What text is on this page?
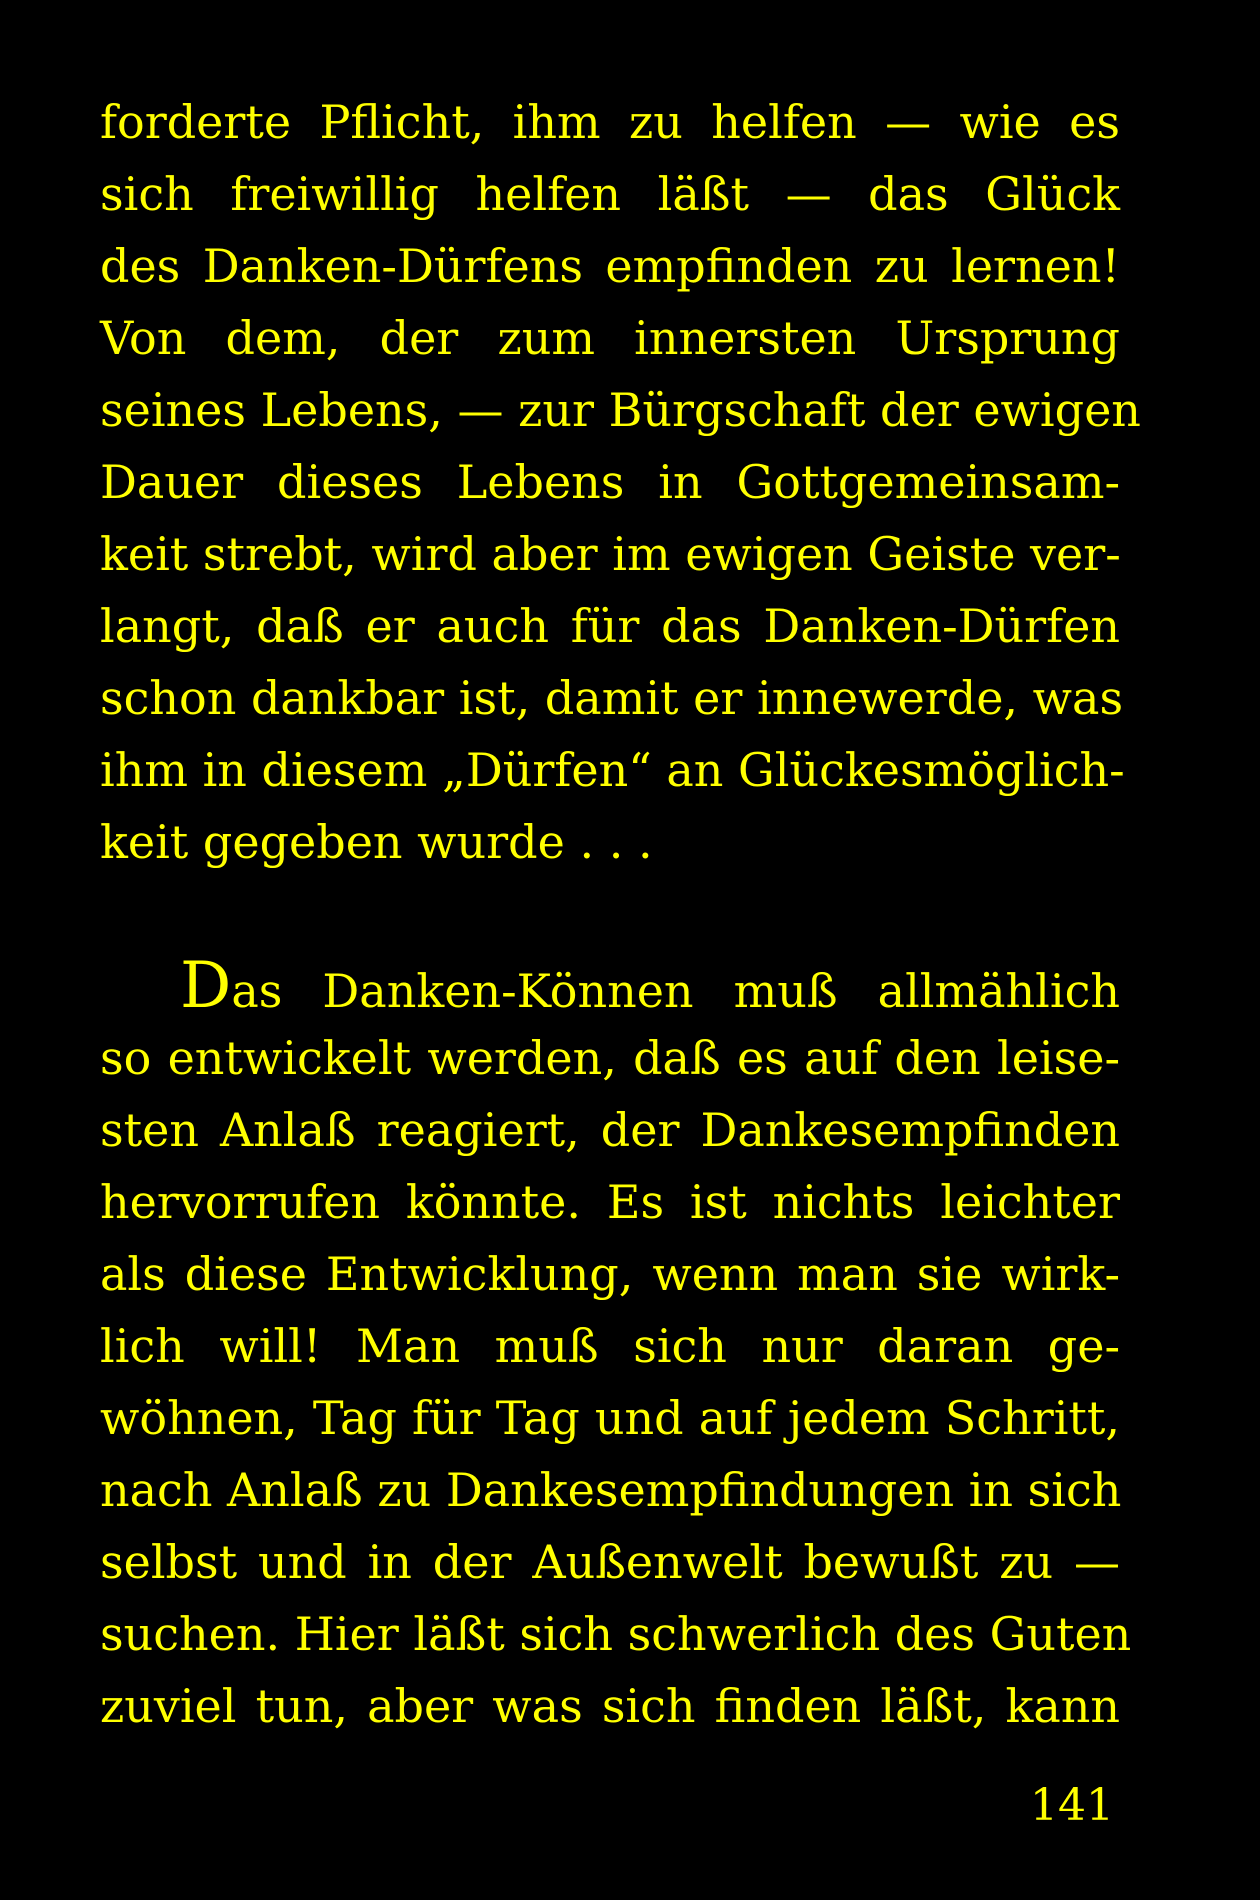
forderte Pflicht, ihm zu helfen — wie es
sich freiwillig helfen läßt — das Glück
des Danken-Dürfens empfinden zu lernen!
Von dem, der zum innersten Ursprung
seines Lebens, — zur Bürgschaft der ewigen
Dauer dieses Lebens in Gottgemeinsam-
keit strebt, wird aber im ewigen Geiste ver-
langt, daß er auch für das Danken-Dürfen
schon dankbar ist, damit er innewerde, was
ihm in diesem „Dürfen“ an Glückesmöglich-
keit gegeben wurde . . .
Das Danken-Können muß allmählich
so entwickelt werden, daß es auf den leise-
sten Anlaß reagiert, der Dankesempfinden
hervorrufen könnte. Es ist nichts leichter
als diese Entwicklung, wenn man sie wirk-
lich will! Man muß sich nur daran ge-
wöhnen, Tag für Tag und auf jedem Schritt,
nach Anlaß zu Dankesempfindungen in sich
selbst und in der Außenwelt bewußt zu —
suchen. Hier läßt sich schwerlich des Guten
zuviel tun, aber was sich finden läßt, kann
141
